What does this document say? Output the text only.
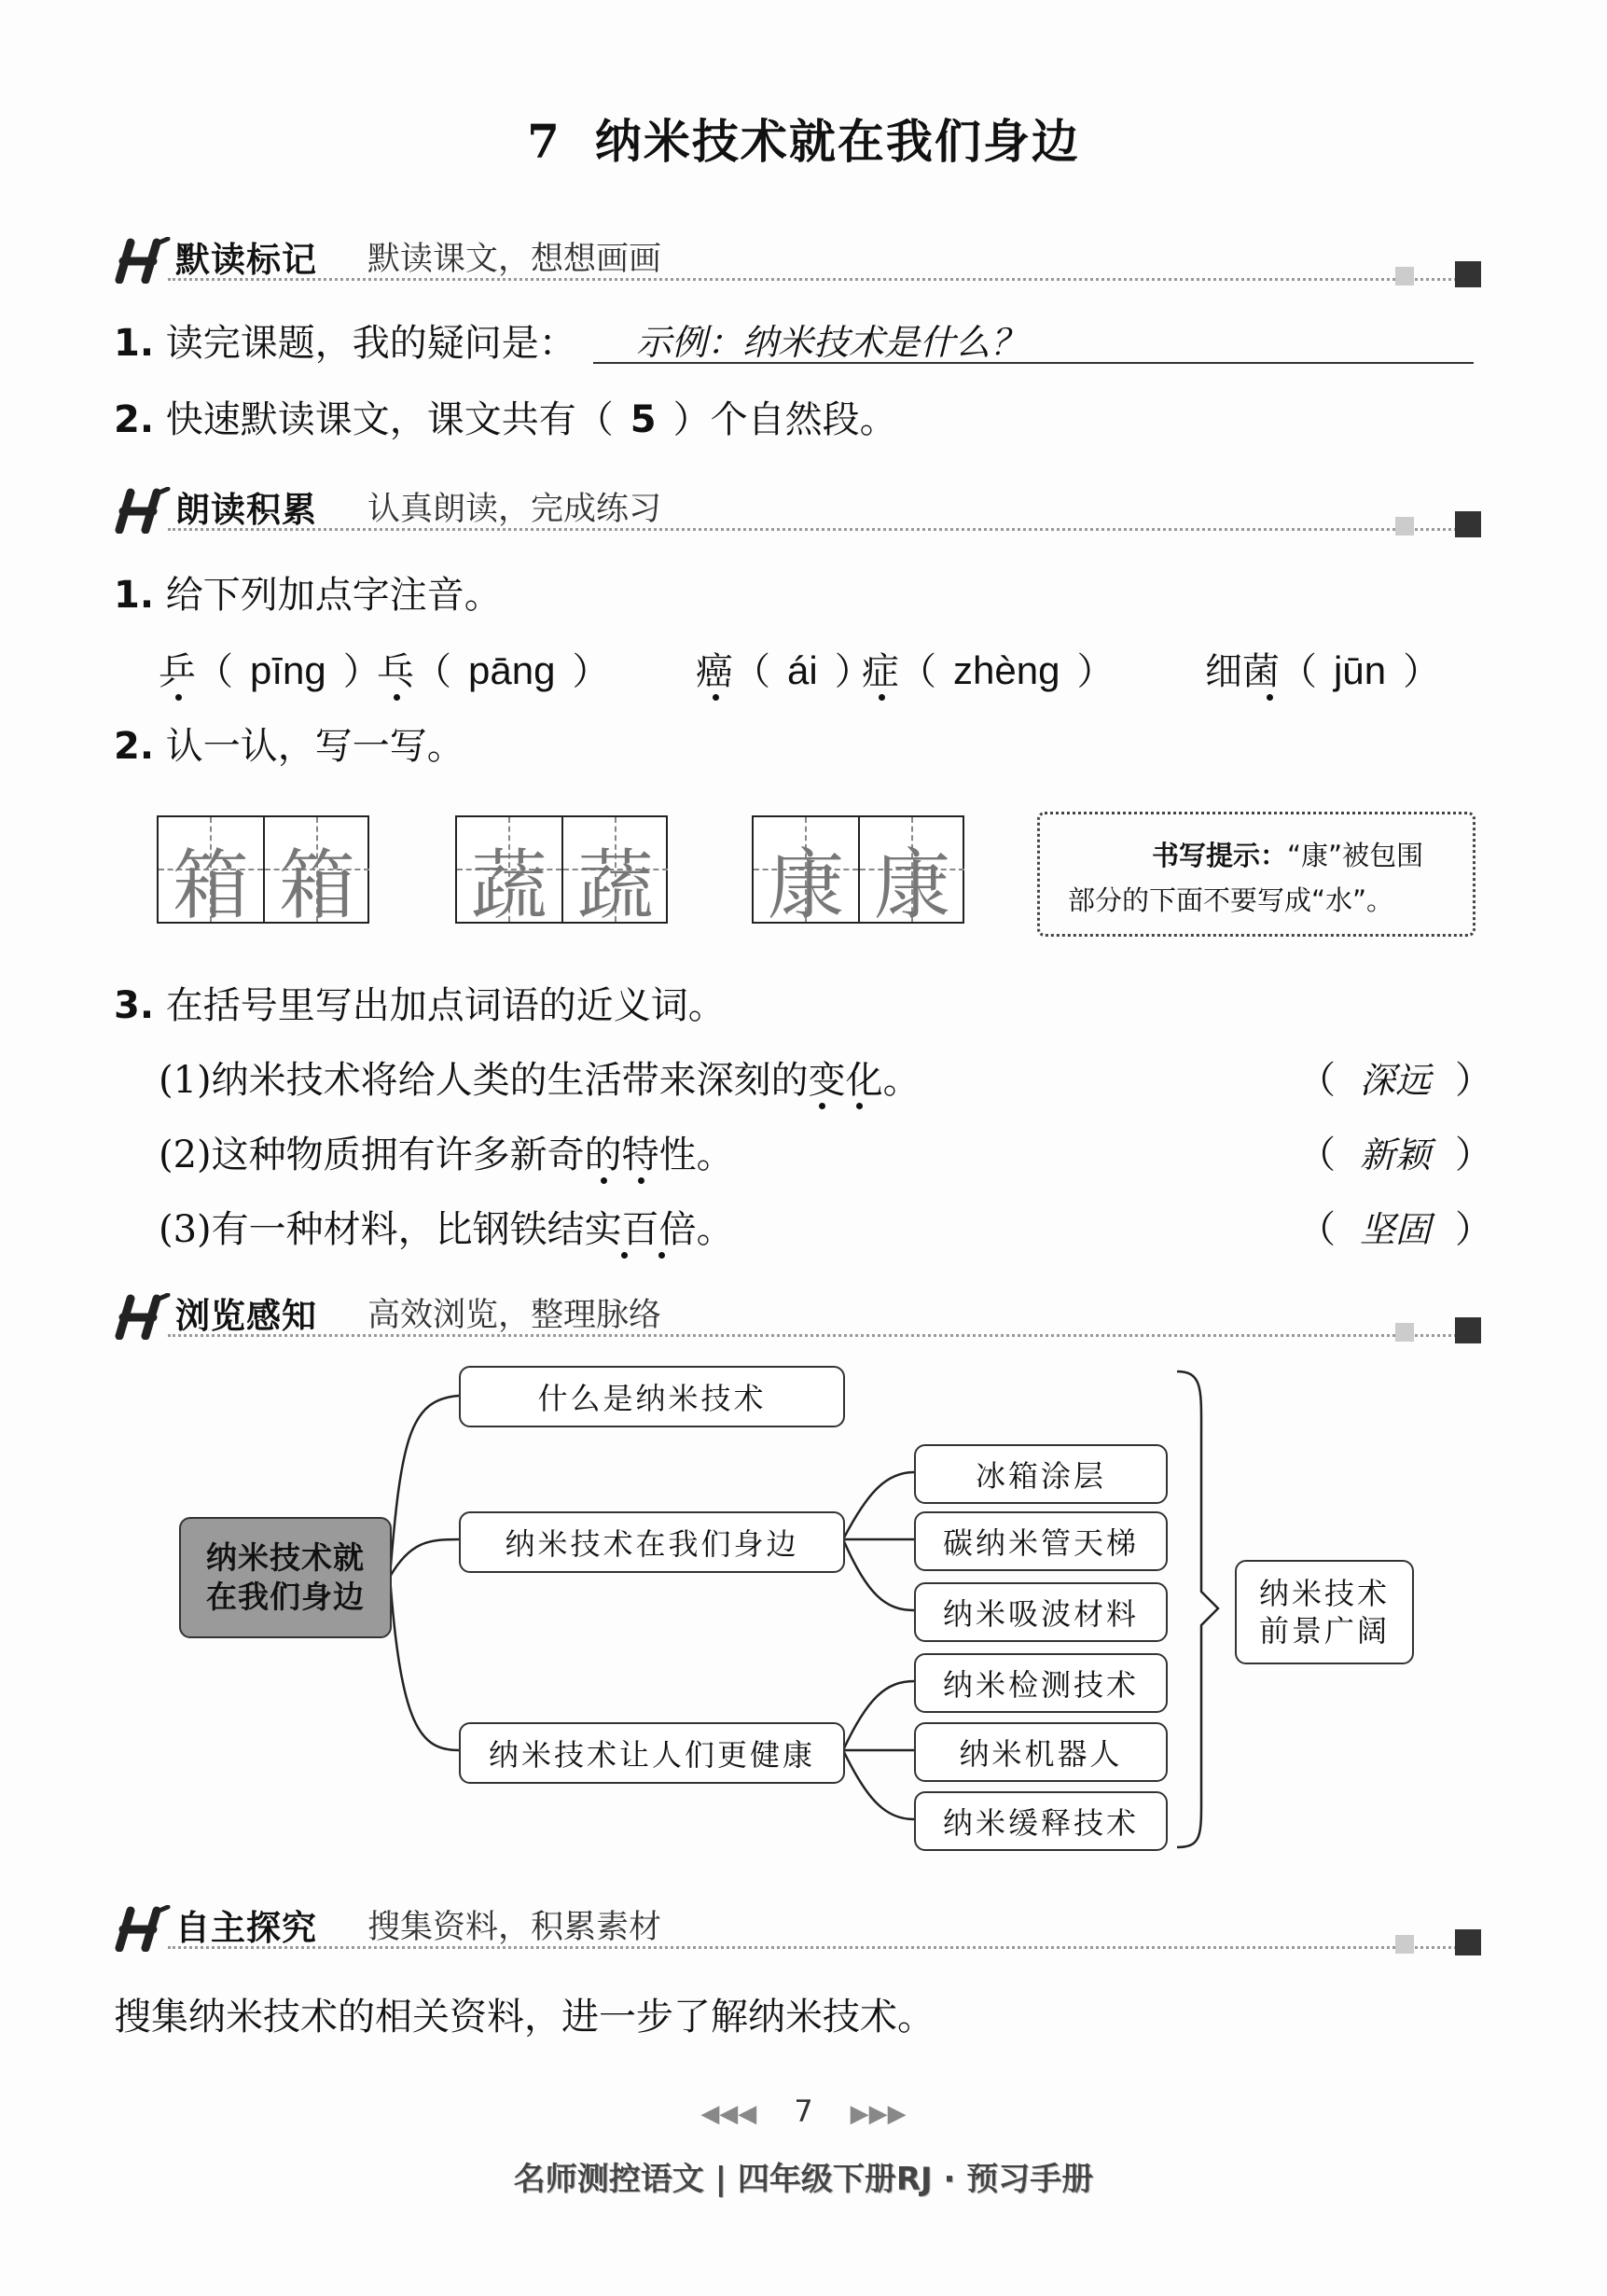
7 纳米技术就在我们身边
默读标记 默读课文，想想画画
1. 读完课题，我的疑问是： 示例：纳米技术是什么？
2. 快速默读课文，课文共有（ 5 ）个自然段。
朗读积累 认真朗读，完成练习
1. 给下列加点字注音。
乒（ pīng ）
乓（ pāng ） 癌（ ái ）
症（ zhèng ） 细菌（ jūn ）
2. 认一认，写一写。
箱 箱 蔬 蔬 康 康	书写提示：“康”被包围
部分的下面不要写成“水”。
3. 在括号里写出加点词语的近义词。
(1)纳米技术将给人类的生活带来深刻的变化。	（ 深远 ）
(2)这种物质拥有许多新奇的特性。	（ 新颖 ）
(3)有一种材料，比钢铁结实百倍。	（ 坚固 ）
浏览感知 高效浏览，整理脉络
纳米技术就
在我们身边
什么是纳米技术
纳米技术在我们身边
纳米技术让人们更健康
冰箱涂层
碳纳米管天梯
纳米吸波材料
纳米检测技术
纳米机器人
纳米缓释技术
纳米技术
前景广阔
自主探究 搜集资料，积累素材
搜集纳米技术的相关资料，进一步了解纳米技术。
◀◀◀ 7 ▶▶▶
名师测控语文 | 四年级下册RJ · 预习手册
